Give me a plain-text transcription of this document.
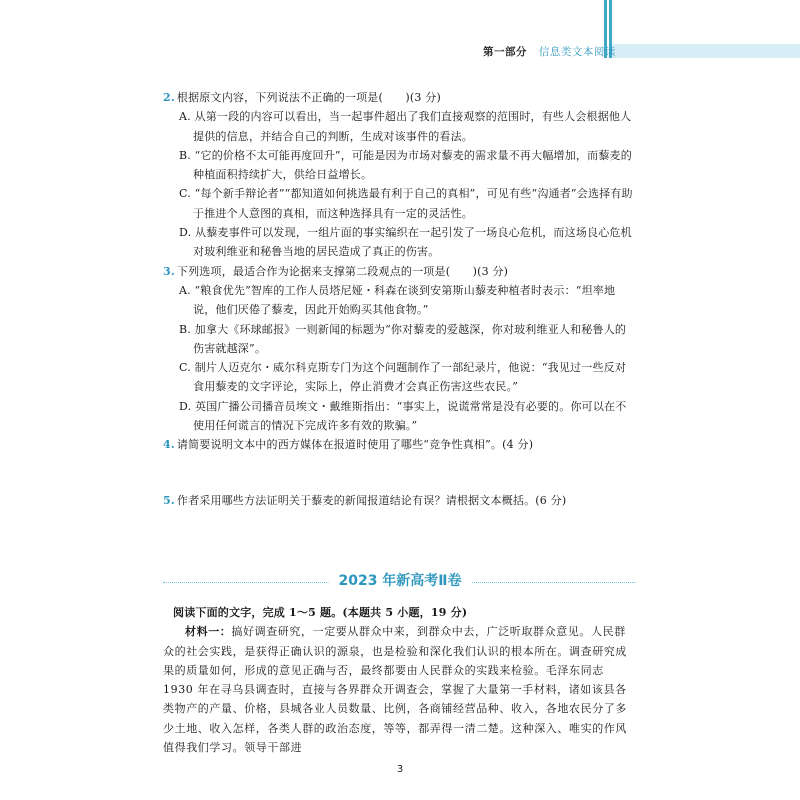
第一部分 信息类文本阅读

2. 根据原文内容，下列说法不正确的一项是(　　)(3 分)

A. 从第一段的内容可以看出，当一起事件超出了我们直接观察的范围时，有些人会根据他人提供的信息，并结合自己的判断，生成对该事件的看法。

B. “它的价格不太可能再度回升”，可能是因为市场对藜麦的需求量不再大幅增加，而藜麦的种植面积持续扩大，供给日益增长。

C. “每个新手辩论者”“都知道如何挑选最有利于自己的真相”，可见有些“沟通者”会选择有助于推进个人意图的真相，而这种选择具有一定的灵活性。

D. 从藜麦事件可以发现，一组片面的事实编织在一起引发了一场良心危机，而这场良心危机对玻利维亚和秘鲁当地的居民造成了真正的伤害。

3. 下列选项，最适合作为论据来支撑第二段观点的一项是(　　)(3 分)

A. “粮食优先”智库的工作人员塔尼娅・科森在谈到安第斯山藜麦种植者时表示：“坦率地说，他们厌倦了藜麦，因此开始购买其他食物。”

B. 加拿大《环球邮报》一则新闻的标题为“你对藜麦的爱越深，你对玻利维亚人和秘鲁人的伤害就越深”。

C. 制片人迈克尔・威尔科克斯专门为这个问题制作了一部纪录片，他说：“我见过一些反对食用藜麦的文字评论，实际上，停止消费才会真正伤害这些农民。”

D. 英国广播公司播音员埃文・戴维斯指出：“事实上，说谎常常是没有必要的。你可以在不使用任何谎言的情况下完成许多有效的欺骗。”

4. 请简要说明文本中的西方媒体在报道时使用了哪些“竞争性真相”。(4 分)

5. 作者采用哪些方法证明关于藜麦的新闻报道结论有误？请根据文本概括。(6 分)

2023 年新高考Ⅱ卷

阅读下面的文字，完成 1～5 题。(本题共 5 小题，19 分)

材料一：搞好调查研究，一定要从群众中来，到群众中去，广泛听取群众意见。人民群众的社会实践，是获得正确认识的源泉，也是检验和深化我们认识的根本所在。调查研究成果的质量如何，形成的意见正确与否，最终都要由人民群众的实践来检验。毛泽东同志 1930 年在寻乌县调查时，直接与各界群众开调查会，掌握了大量第一手材料，诸如该县各类物产的产量、价格，县城各业人员数量、比例，各商铺经营品种、收入，各地农民分了多少土地、收入怎样，各类人群的政治态度，等等，都弄得一清二楚。这种深入、唯实的作风值得我们学习。领导干部进

3
